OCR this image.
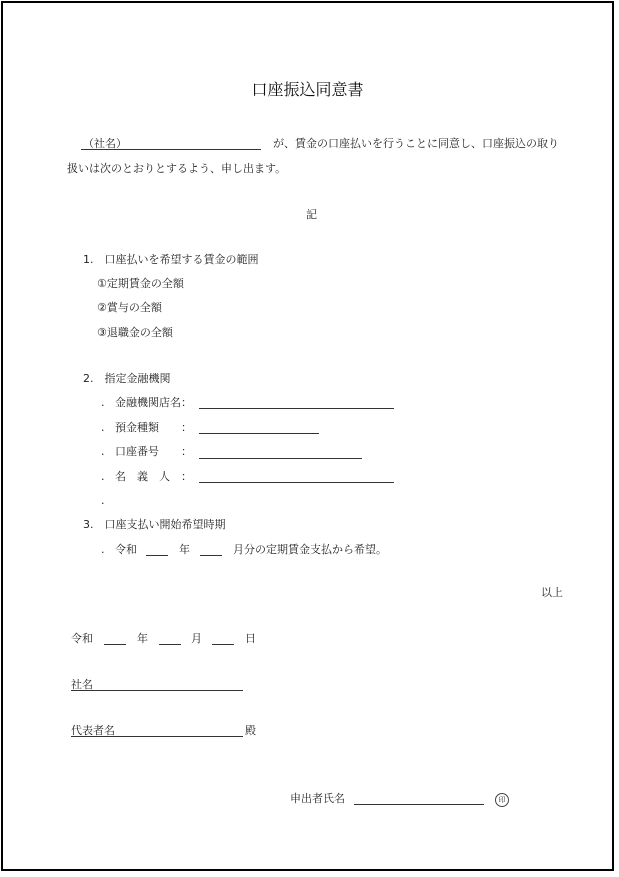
口座振込同意書
（社名）	が、賃金の口座払いを行うことに同意し、口座振込の取り
扱いは次のとおりとするよう、申し出ます。
記
1.　口座払いを希望する賃金の範囲
①定期賃金の全額
②賞与の全額
③退職金の全額
2.　指定金融機関
. 金融機関店名：
. 預金種類 ：
. 口座番号 ：
. 名　義　人 ：
.
3.　口座支払い開始希望時期
. 令和	年	月分の定期賃金支払から希望。
以上
令和	年	月	日
社名
代表者名	殿
申出者氏名	印
